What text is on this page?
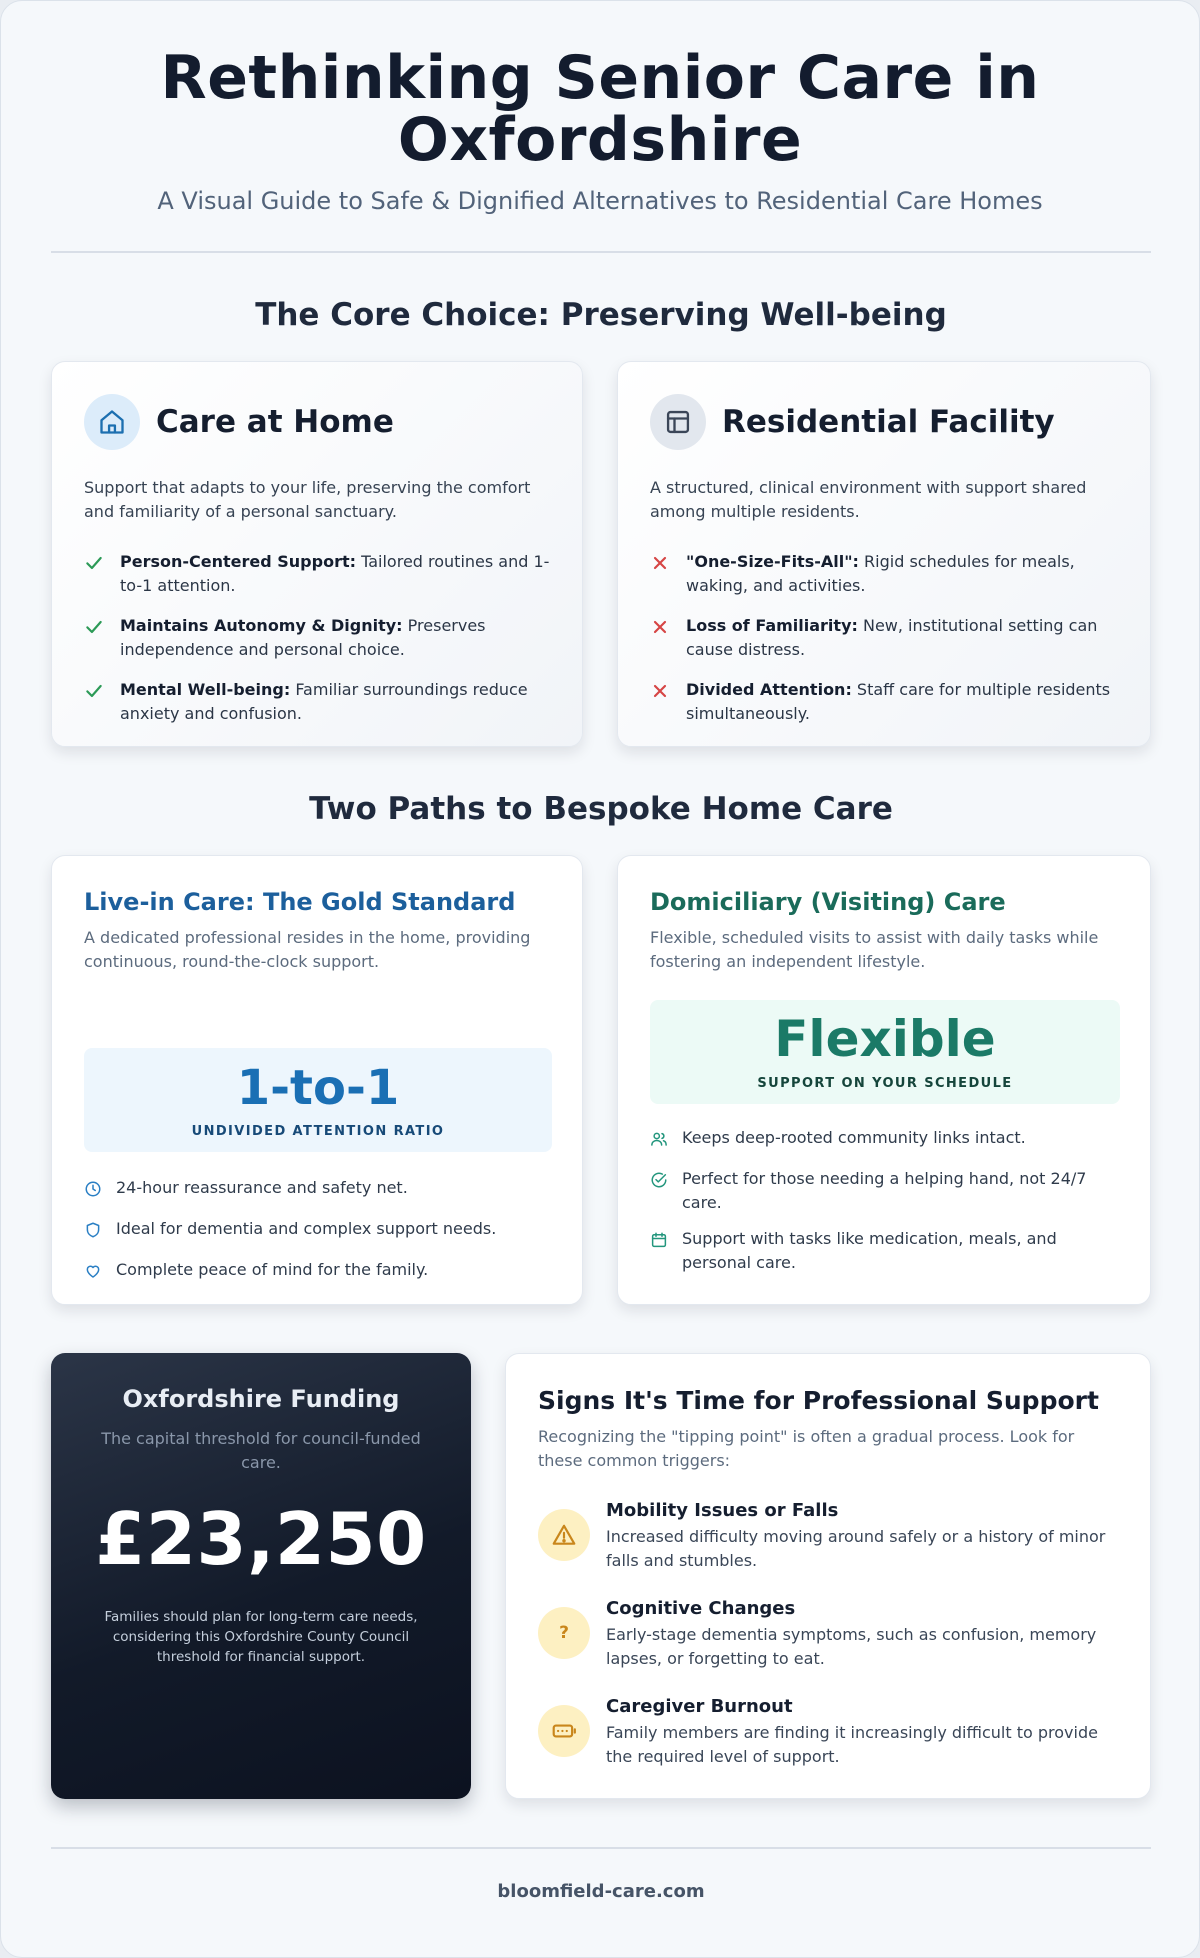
Rethinking Senior Care in Oxfordshire
A Visual Guide to Safe & Dignified Alternatives to Residential Care Homes
The Core Choice: Preserving Well-being
Care at Home
Support that adapts to your life, preserving the comfort and familiarity of a personal sanctuary.
Person-Centered Support: Tailored routines and 1-to-1 attention.
Maintains Autonomy & Dignity: Preserves independence and personal choice.
Mental Well-being: Familiar surroundings reduce anxiety and confusion.
Residential Facility
A structured, clinical environment with support shared among multiple residents.
"One-Size-Fits-All": Rigid schedules for meals, waking, and activities.
Loss of Familiarity: New, institutional setting can cause distress.
Divided Attention: Staff care for multiple residents simultaneously.
Two Paths to Bespoke Home Care
Live-in Care: The Gold Standard
A dedicated professional resides in the home, providing continuous, round-the-clock support.
1-to-1
UNDIVIDED ATTENTION RATIO
24-hour reassurance and safety net.
Ideal for dementia and complex support needs.
Complete peace of mind for the family.
Domiciliary (Visiting) Care
Flexible, scheduled visits to assist with daily tasks while fostering an independent lifestyle.
Flexible
SUPPORT ON YOUR SCHEDULE
Keeps deep-rooted community links intact.
Perfect for those needing a helping hand, not 24/7 care.
Support with tasks like medication, meals, and personal care.
Oxfordshire Funding
The capital threshold for council-funded care.
£23,250
Families should plan for long-term care needs, considering this Oxfordshire County Council threshold for financial support.
Signs It's Time for Professional Support
Recognizing the "tipping point" is often a gradual process. Look for these common triggers:
Mobility Issues or Falls
Increased difficulty moving around safely or a history of minor falls and stumbles.
?
Cognitive Changes
Early-stage dementia symptoms, such as confusion, memory lapses, or forgetting to eat.
Caregiver Burnout
Family members are finding it increasingly difficult to provide the required level of support.
bloomfield-care.com
